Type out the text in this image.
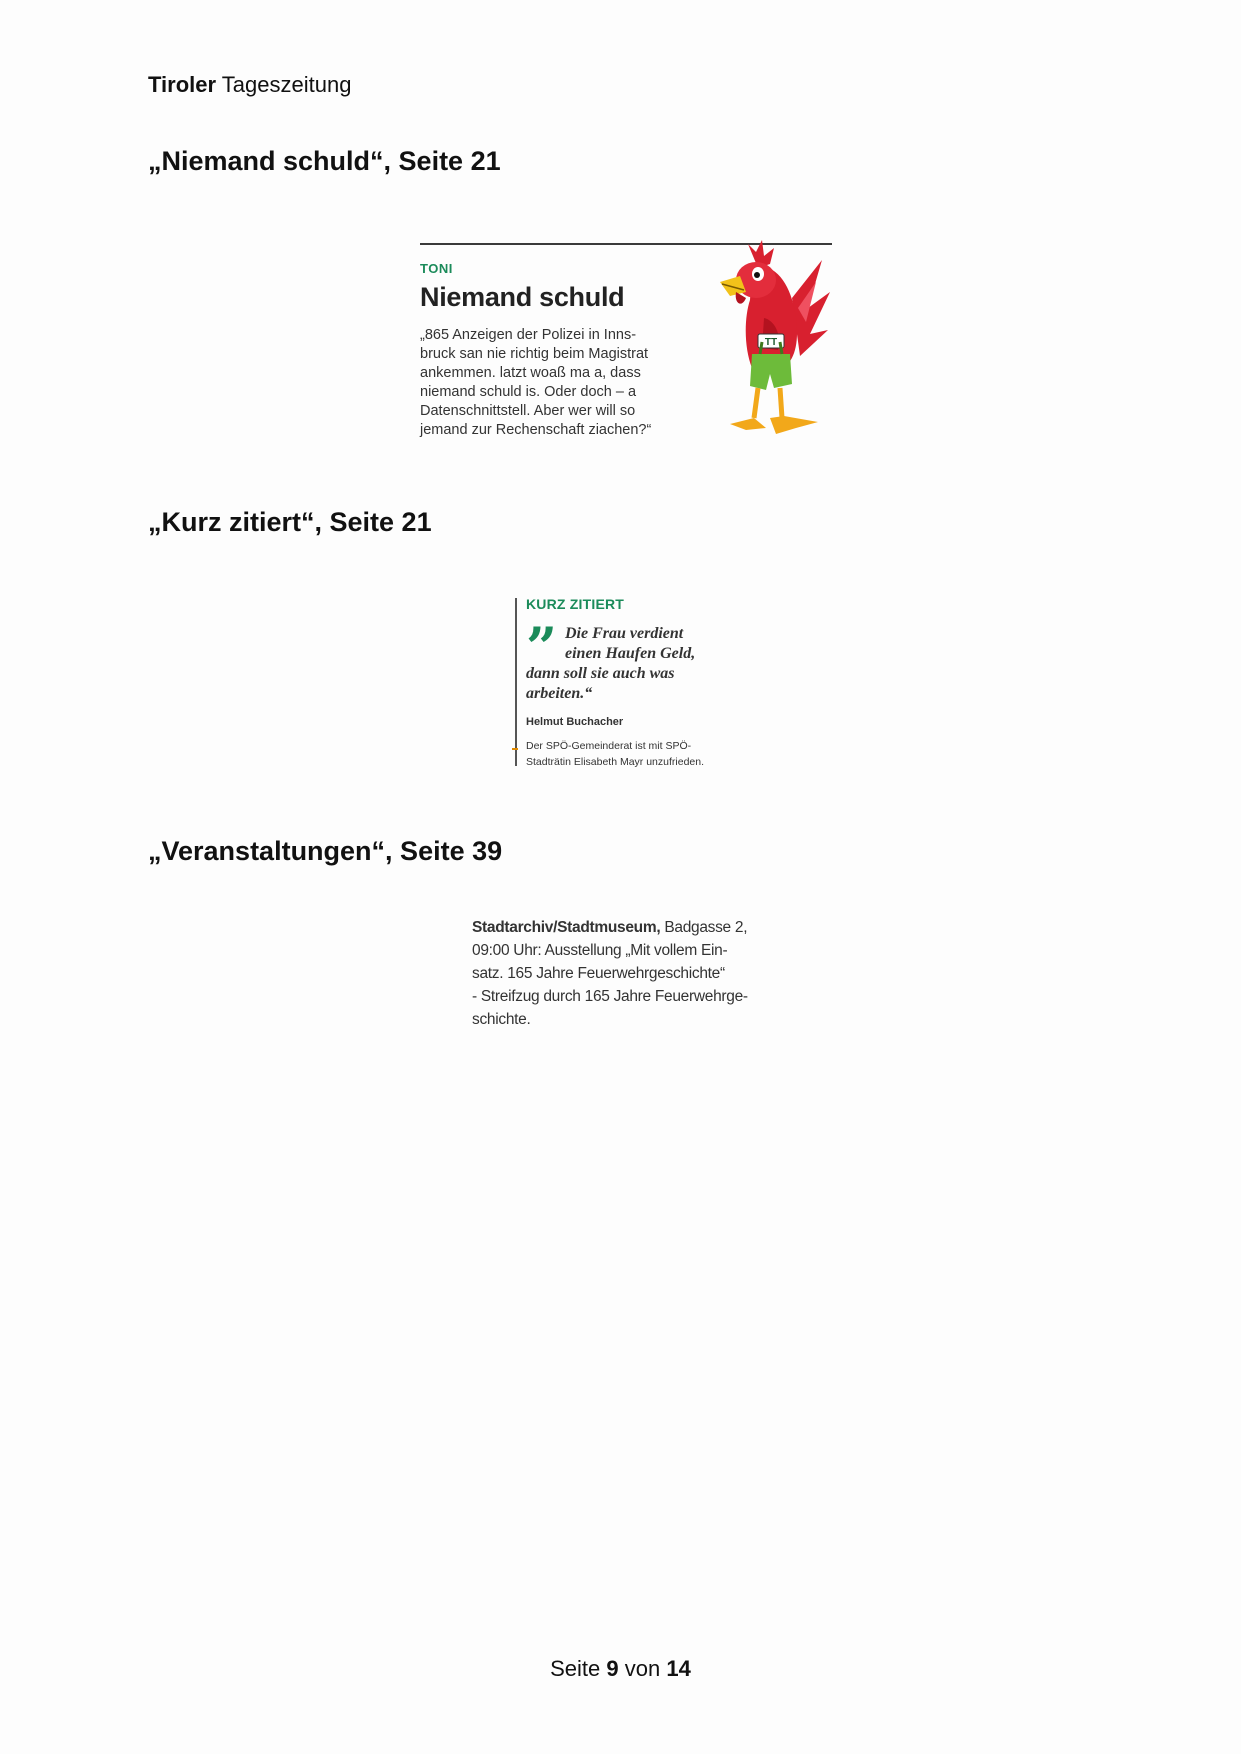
Tiroler Tageszeitung
„Niemand schuld“, Seite 21
TONI
Niemand schuld
„865 Anzeigen der Polizei in Inns-
bruck san nie richtig beim Magistrat
ankemmen. latzt woaß ma a, dass
niemand schuld is. Oder doch – a
Datenschnittstell. Aber wer will so
jemand zur Rechenschaft ziachen?“
TT
„Kurz zitiert“, Seite 21
KURZ ZITIERT
” Die Frau verdient
einen Haufen Geld,
dann soll sie auch was
arbeiten.“
Helmut Buchacher
Der SPÖ-Gemeinderat ist mit SPÖ-
Stadträtin Elisabeth Mayr unzufrieden.
„Veranstaltungen“, Seite 39
Stadtarchiv/Stadtmuseum, Badgasse 2,
09:00 Uhr: Ausstellung „Mit vollem Ein-
satz. 165 Jahre Feuerwehrgeschichte“
- Streifzug durch 165 Jahre Feuerwehrge-
schichte.
Seite 9 von 14
